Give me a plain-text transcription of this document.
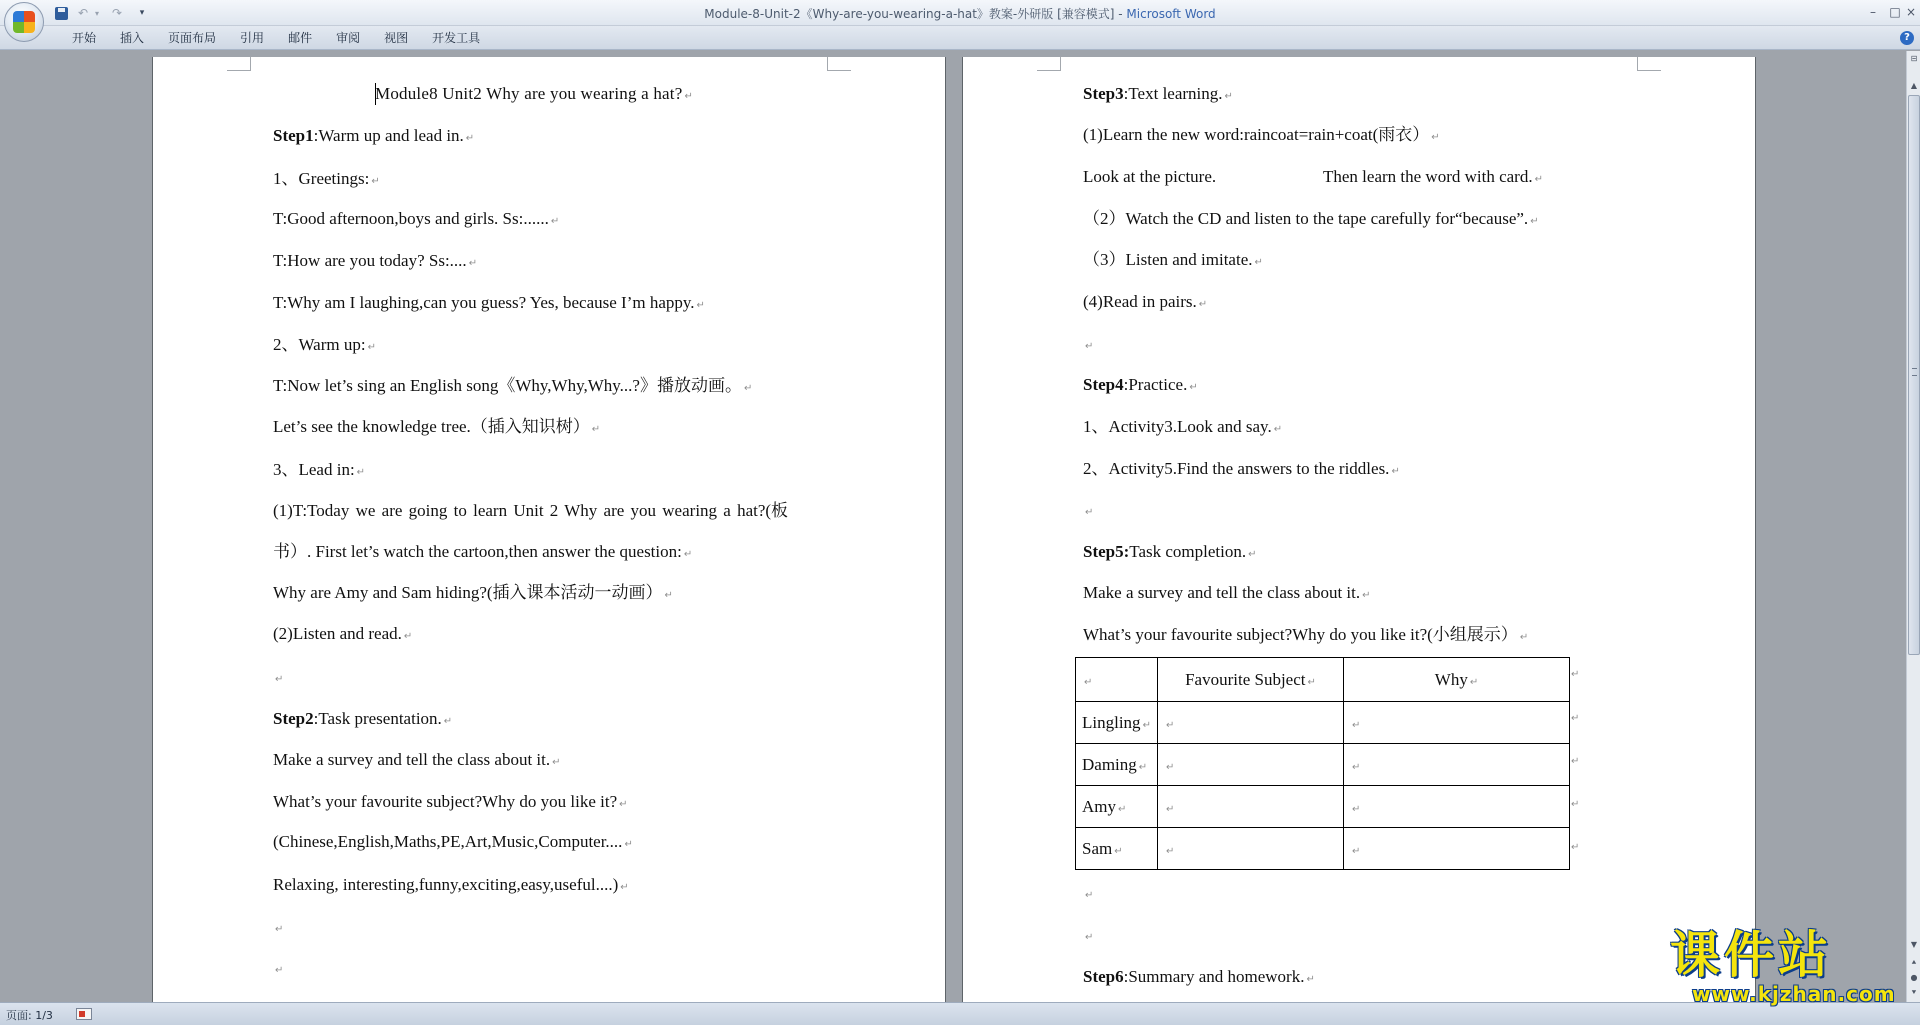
↶ ▾	↷	▾	Module-8-Unit-2《Why-are-you-wearing-a-hat》教案-外研版 [兼容模式] - Microsoft Word	–	□ ×
开始	插入	页面布局	引用	邮件	审阅	视图	开发工具	?
Module8 Unit2 Why are you wearing a hat? ↵
Step1:Warm up and lead in. ↵
1、Greetings: ↵
T:Good afternoon,boys and girls. Ss:...... ↵
T:How are you today? Ss:.... ↵
T:Why am I laughing,can you guess? Yes, because I’m happy. ↵
2、Warm up: ↵
T:Now let’s sing an English song《Why,Why,Why...?》播放动画。 ↵
Let’s see the knowledge tree.（插入知识树） ↵
3、Lead in: ↵
(1)T:Today we are going to learn Unit 2 Why are you wearing a hat?(板
书）. First let’s watch the cartoon,then answer the question: ↵
Why are Amy and Sam hiding?(插入课本活动一动画） ↵
(2)Listen and read. ↵
↵
Step2:Task presentation. ↵
Make a survey and tell the class about it. ↵
What’s your favourite subject?Why do you like it? ↵
(Chinese,English,Maths,PE,Art,Music,Computer.... ↵
Relaxing, interesting,funny,exciting,easy,useful....) ↵
↵
↵
Step3:Text learning. ↵
(1)Learn the new word:raincoat=rain+coat(雨衣） ↵
Look at the picture.	Then learn the word with card. ↵
（2）Watch the CD and listen to the tape carefully for“because”. ↵
（3）Listen and imitate. ↵
(4)Read in pairs. ↵
↵
Step4:Practice. ↵
1、Activity3.Look and say. ↵
2、Activity5.Find the answers to the riddles. ↵
↵
Step5:Task completion. ↵
Make a survey and tell the class about it. ↵
What’s your favourite subject?Why do you like it?(小组展示） ↵
↵	Favourite Subject ↵	Why ↵
Lingling ↵	↵	↵
Daming ↵	↵	↵
Amy ↵	↵	↵
Sam ↵	↵	↵
↵
↵
↵
↵
↵
↵
↵
Step6:Summary and homework. ↵
⊟
▲
▼
⯅
●
⯆
页面: 1/3
课件站
www.kjzhan.com
